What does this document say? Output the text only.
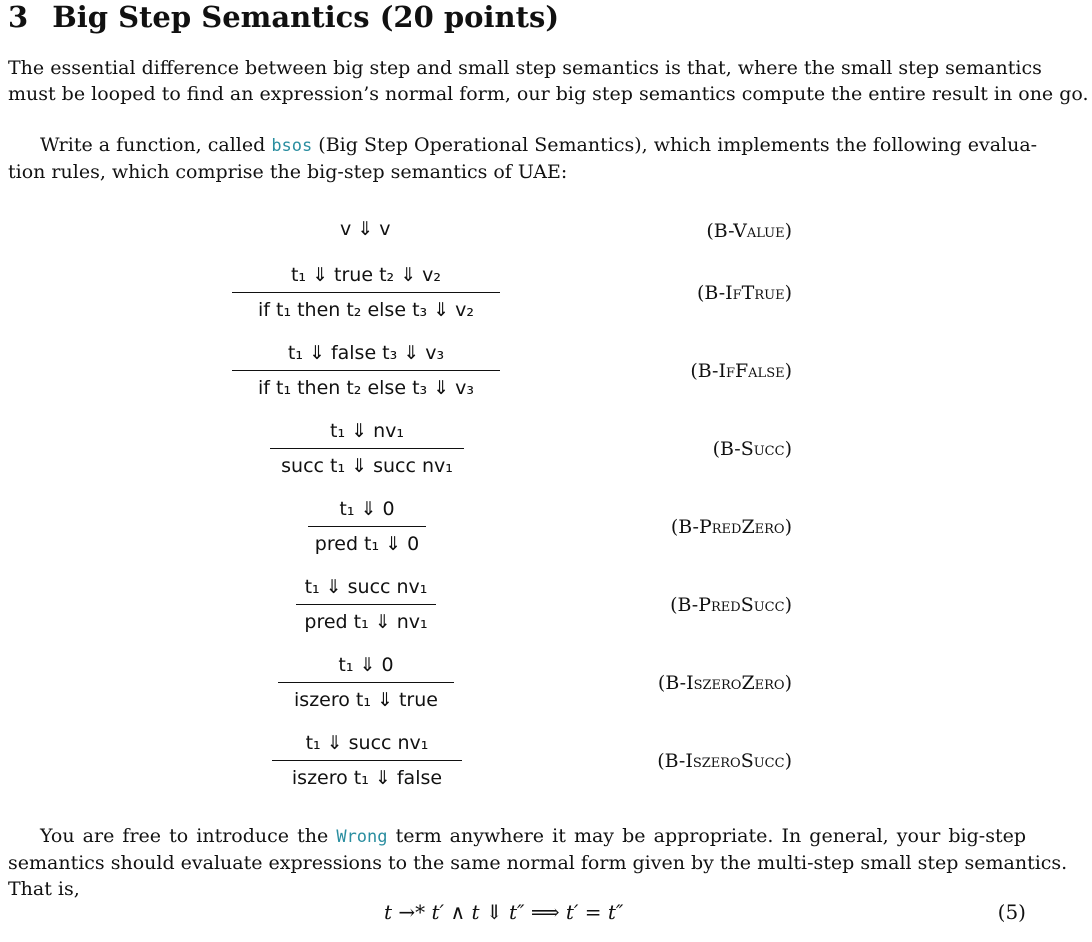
3 Big Step Semantics (20 points)
The essential difference between big step and small step semantics is that, where the small step semantics
must be looped to find an expression’s normal form, our big step semantics compute the entire result in one go.
Write a function, called bsos (Big Step Operational Semantics), which implements the following evalua-
tion rules, which comprise the big-step semantics of UAE:
v ⇓ v	(B-Value)
t₁ ⇓ true t₂ ⇓ v₂
if t₁ then t₂ else t₃ ⇓ v₂
(B-IfTrue)
t₁ ⇓ false t₃ ⇓ v₃
if t₁ then t₂ else t₃ ⇓ v₃
(B-IfFalse)
t₁ ⇓ nv₁
succ t₁ ⇓ succ nv₁
(B-Succ)
t₁ ⇓ 0
pred t₁ ⇓ 0
(B-PredZero)
t₁ ⇓ succ nv₁
pred t₁ ⇓ nv₁
(B-PredSucc)
t₁ ⇓ 0
iszero t₁ ⇓ true
(B-IszeroZero)
t₁ ⇓ succ nv₁
iszero t₁ ⇓ false
(B-IszeroSucc)
You are free to introduce the Wrong term anywhere it may be appropriate. In general, your big-step
semantics should evaluate expressions to the same normal form given by the multi-step small step semantics.
That is,
t →* t′ ∧ t ⇓ t″ ⟹ t′ = t″	(5)
